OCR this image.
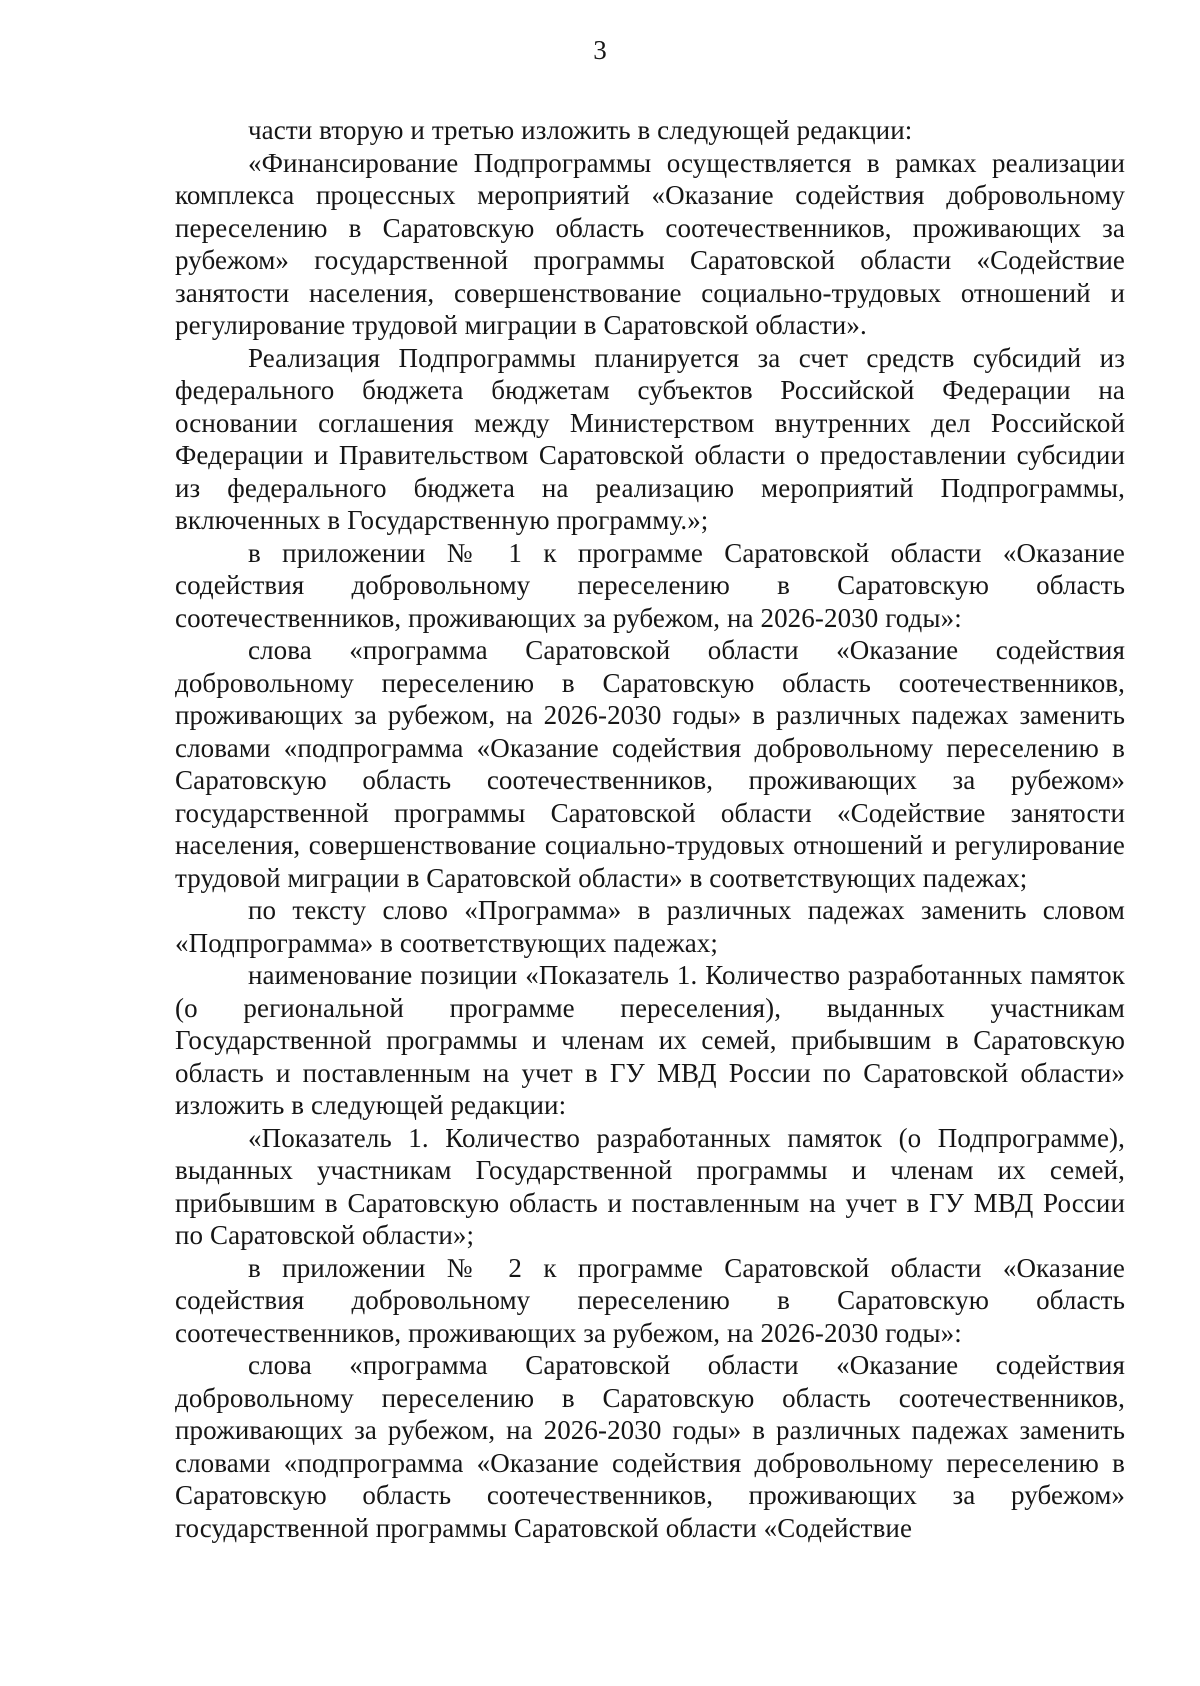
3

части вторую и третью изложить в следующей редакции:

«Финансирование Подпрограммы осуществляется в рамках реализации комплекса процессных мероприятий «Оказание содействия добровольному переселению в Саратовскую область соотечественников, проживающих за рубежом» государственной программы Саратовской области «Содействие занятости населения, совершенствование социально-трудовых отношений и регулирование трудовой миграции в Саратовской области».

Реализация Подпрограммы планируется за счет средств субсидий из федерального бюджета бюджетам субъектов Российской Федерации на основании соглашения между Министерством внутренних дел Российской Федерации и Правительством Саратовской области о предоставлении субсидии из федерального бюджета на реализацию мероприятий Подпрограммы, включенных в Государственную программу.»;

в приложении № 1 к программе Саратовской области «Оказание содействия добровольному переселению в Саратовскую область соотечественников, проживающих за рубежом, на 2026-2030 годы»:

слова «программа Саратовской области «Оказание содействия добровольному переселению в Саратовскую область соотечественников, проживающих за рубежом, на 2026-2030 годы» в различных падежах заменить словами «подпрограмма «Оказание содействия добровольному переселению в Саратовскую область соотечественников, проживающих за рубежом» государственной программы Саратовской области «Содействие занятости населения, совершенствование социально-трудовых отношений и регулирование трудовой миграции в Саратовской области» в соответствующих падежах;

по тексту слово «Программа» в различных падежах заменить словом «Подпрограмма» в соответствующих падежах;

наименование позиции «Показатель 1. Количество разработанных памяток (о региональной программе переселения), выданных участникам Государственной программы и членам их семей, прибывшим в Саратовскую область и поставленным на учет в ГУ МВД России по Саратовской области» изложить в следующей редакции:

«Показатель 1. Количество разработанных памяток (о Подпрограмме), выданных участникам Государственной программы и членам их семей, прибывшим в Саратовскую область и поставленным на учет в ГУ МВД России по Саратовской области»;

в приложении № 2 к программе Саратовской области «Оказание содействия добровольному переселению в Саратовскую область соотечественников, проживающих за рубежом, на 2026-2030 годы»:

слова «программа Саратовской области «Оказание содействия добровольному переселению в Саратовскую область соотечественников, проживающих за рубежом, на 2026-2030 годы» в различных падежах заменить словами «подпрограмма «Оказание содействия добровольному переселению в Саратовскую область соотечественников, проживающих за рубежом» государственной программы Саратовской области «Содействие
